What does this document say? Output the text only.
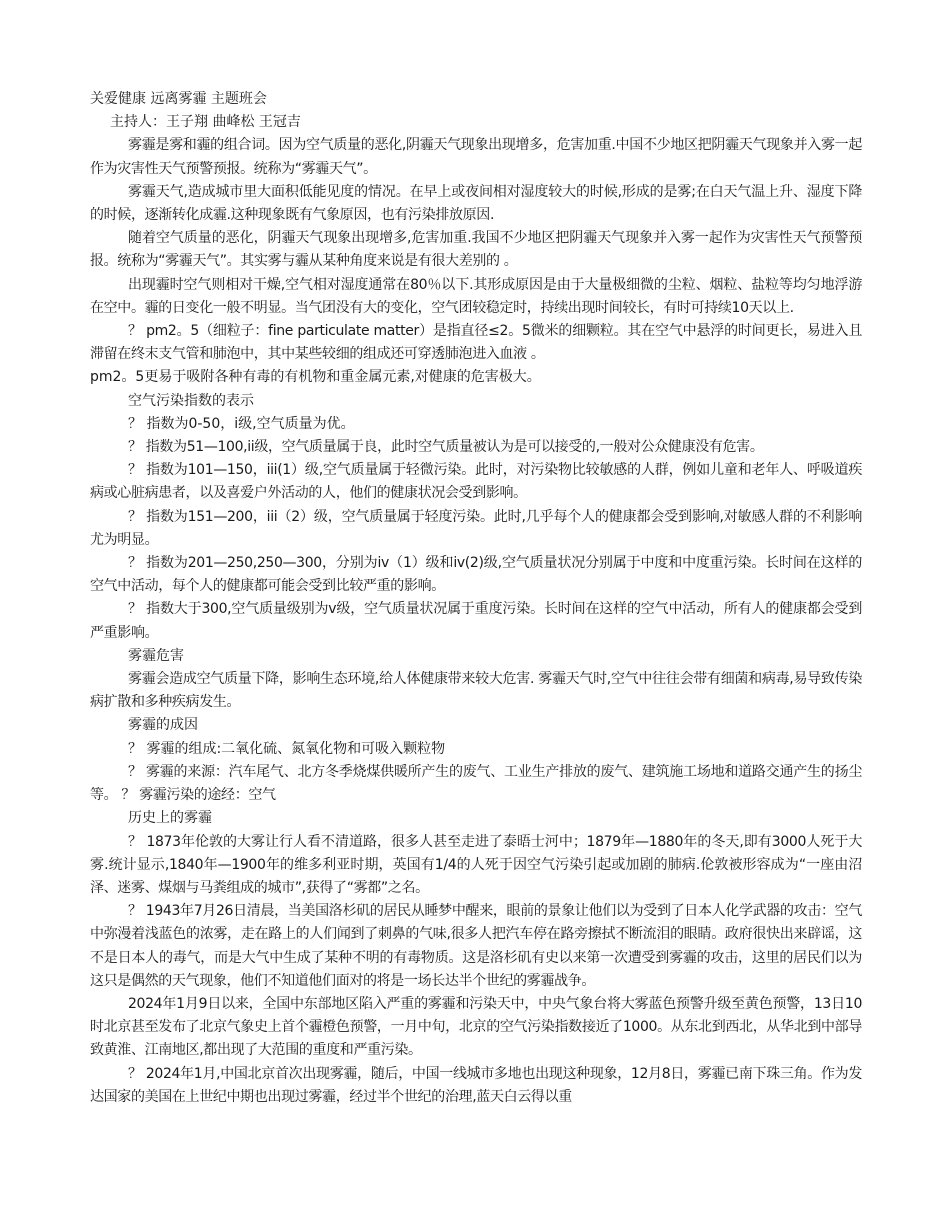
关爱健康 远离雾霾 主题班会

主持人：王子翔 曲峰松 王冠吉

雾霾是雾和霾的组合词。因为空气质量的恶化,阴霾天气现象出现增多，危害加重.中国不少地区把阴霾天气现象并入雾一起作为灾害性天气预警预报。统称为“雾霾天气”。

雾霾天气,造成城市里大面积低能见度的情况。在早上或夜间相对湿度较大的时候,形成的是雾;在白天气温上升、湿度下降的时候，逐渐转化成霾.这种现象既有气象原因，也有污染排放原因.

随着空气质量的恶化，阴霾天气现象出现增多,危害加重.我国不少地区把阴霾天气现象并入雾一起作为灾害性天气预警预报。统称为“雾霾天气”。其实雾与霾从某种角度来说是有很大差别的 。

出现霾时空气则相对干燥,空气相对湿度通常在80％以下.其形成原因是由于大量极细微的尘粒、烟粒、盐粒等均匀地浮游在空中。霾的日变化一般不明显。当气团没有大的变化，空气团较稳定时，持续出现时间较长，有时可持续10天以上.

？ pm2。5（细粒子：fine particulate matter）是指直径≤2。5微米的细颗粒。其在空气中悬浮的时间更长，易进入且滞留在终末支气管和肺泡中，其中某些较细的组成还可穿透肺泡进入血液 。

pm2。5更易于吸附各种有毒的有机物和重金属元素,对健康的危害极大。

空气污染指数的表示

？ 指数为0-50，i级,空气质量为优。

？ 指数为51—100,ii级，空气质量属于良，此时空气质量被认为是可以接受的,一般对公众健康没有危害。

？ 指数为101—150，iii(1）级,空气质量属于轻微污染。此时，对污染物比较敏感的人群，例如儿童和老年人、呼吸道疾病或心脏病患者，以及喜爱户外活动的人，他们的健康状况会受到影响。

？ 指数为151—200，iii（2）级，空气质量属于轻度污染。此时,几乎每个人的健康都会受到影响,对敏感人群的不利影响尤为明显。

？ 指数为201—250,250—300，分别为iv（1）级和iv(2)级,空气质量状况分别属于中度和中度重污染。长时间在这样的空气中活动，每个人的健康都可能会受到比较严重的影响。

？ 指数大于300,空气质量级别为v级，空气质量状况属于重度污染。长时间在这样的空气中活动，所有人的健康都会受到严重影响。

雾霾危害

雾霾会造成空气质量下降，影响生态环境,给人体健康带来较大危害. 雾霾天气时,空气中往往会带有细菌和病毒,易导致传染病扩散和多种疾病发生。

雾霾的成因

？ 雾霾的组成:二氧化硫、氮氧化物和可吸入颗粒物

？ 雾霾的来源：汽车尾气、北方冬季烧煤供暖所产生的废气、工业生产排放的废气、建筑施工场地和道路交通产生的扬尘等。 ？ 雾霾污染的途经：空气

历史上的雾霾

？ 1873年伦敦的大雾让行人看不清道路，很多人甚至走进了泰晤士河中；1879年—1880年的冬天,即有3000人死于大雾.统计显示,1840年—1900年的维多利亚时期，英国有1/4的人死于因空气污染引起或加剧的肺病.伦敦被形容成为“一座由沼泽、迷雾、煤烟与马粪组成的城市”,获得了“雾都”之名。

？ 1943年7月26日清晨，当美国洛杉矶的居民从睡梦中醒来，眼前的景象让他们以为受到了日本人化学武器的攻击：空气中弥漫着浅蓝色的浓雾，走在路上的人们闻到了刺鼻的气味,很多人把汽车停在路旁擦拭不断流泪的眼睛。政府很快出来辟谣，这不是日本人的毒气，而是大气中生成了某种不明的有毒物质。这是洛杉矶有史以来第一次遭受到雾霾的攻击，这里的居民们以为这只是偶然的天气现象，他们不知道他们面对的将是一场长达半个世纪的雾霾战争。

2024年1月9日以来，全国中东部地区陷入严重的雾霾和污染天中，中央气象台将大雾蓝色预警升级至黄色预警，13日10时北京甚至发布了北京气象史上首个霾橙色预警，一月中旬，北京的空气污染指数接近了1000。从东北到西北，从华北到中部导致黄淮、江南地区,都出现了大范围的重度和严重污染。

？ 2024年1月,中国北京首次出现雾霾，随后，中国一线城市多地也出现这种现象，12月8日，雾霾已南下珠三角。作为发达国家的美国在上世纪中期也出现过雾霾，经过半个世纪的治理,蓝天白云得以重
